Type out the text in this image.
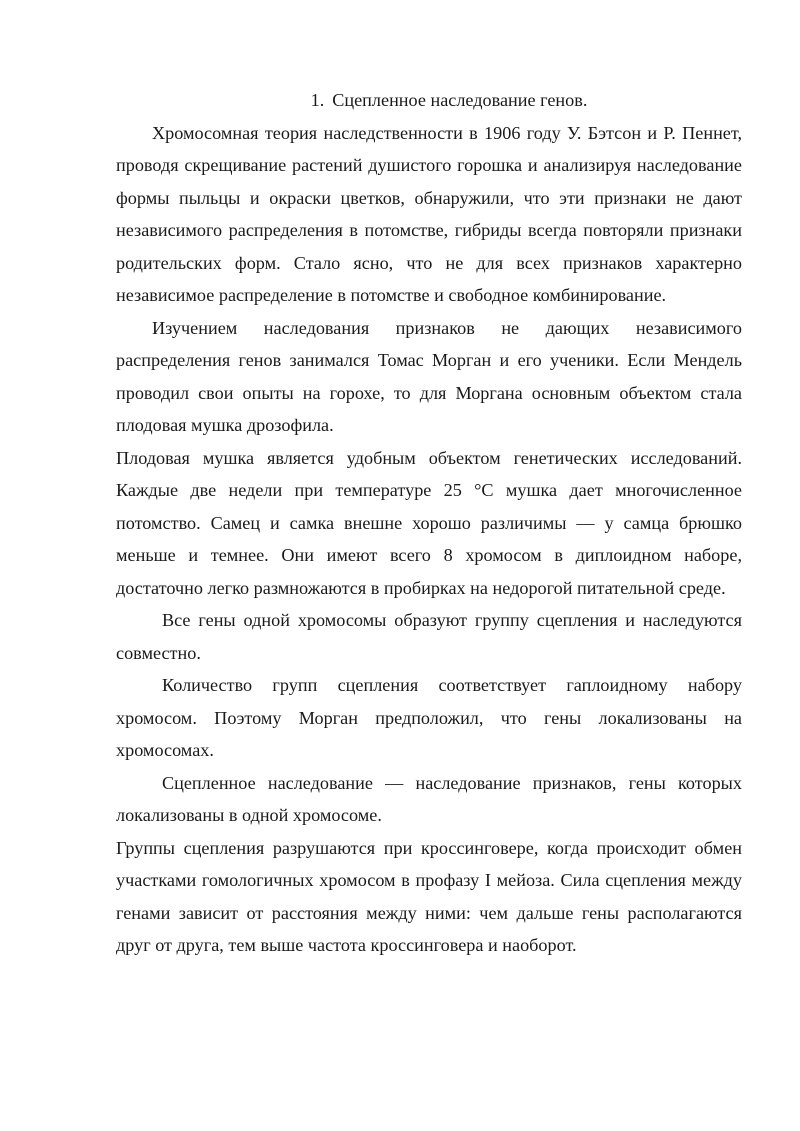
1. Сцепленное наследование генов.

Хромосомная теория наследственности в 1906 году У. Бэтсон и Р. Пеннет, проводя скрещивание растений душистого горошка и анализируя наследование формы пыльцы и окраски цветков, обнаружили, что эти признаки не дают независимого распределения в потомстве, гибриды всегда повторяли признаки родительских форм. Стало ясно, что не для всех признаков характерно независимое распределение в потомстве и свободное комбинирование.

Изучением наследования признаков не дающих независимого распределения генов занимался Томас Морган и его ученики. Если Мендель проводил свои опыты на горохе, то для Моргана основным объектом стала плодовая мушка дрозофила.

Плодовая мушка является удобным объектом генетических исследований. Каждые две недели при температуре 25 °C мушка дает многочисленное потомство. Самец и самка внешне хорошо различимы — у самца брюшко меньше и темнее. Они имеют всего 8 хромосом в диплоидном наборе, достаточно легко размножаются в пробирках на недорогой питательной среде.

Все гены одной хромосомы образуют группу сцепления и наследуются совместно.

Количество групп сцепления соответствует гаплоидному набору хромосом. Поэтому Морган предположил, что гены локализованы на хромосомах.

Сцепленное наследование — наследование признаков, гены которых локализованы в одной хромосоме.

Группы сцепления разрушаются при кроссинговере, когда происходит обмен участками гомологичных хромосом в профазу I мейоза. Сила сцепления между генами зависит от расстояния между ними: чем дальше гены располагаются друг от друга, тем выше частота кроссинговера и наоборот.
